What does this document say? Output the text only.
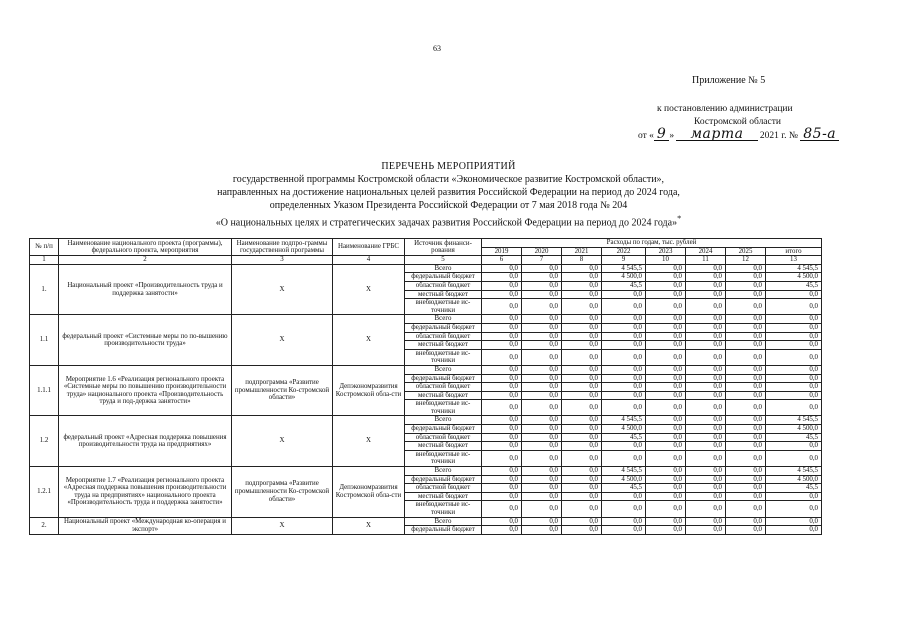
63
Приложение № 5
к постановлению администрации
Костромской области
от « 9 » марта 2021 г. № 85-а
ПЕРЕЧЕНЬ МЕРОПРИЯТИЙ
государственной программы Костромской области «Экономическое развитие Костромской области»,
направленных на достижение национальных целей развития Российской Федерации на период до 2024 года,
определенных Указом Президента Российской Федерации от 7 мая 2018 года № 204
«О национальных целях и стратегических задачах развития Российской Федерации на период до 2024 года»*
№ п/п	Наименование национального проекта (программы), федерального проекта, мероприятия	Наименование подпро-граммы государственной программы	Наименование ГРБС	Источник финанси-рования	Расходы по годам, тыс. рублей							
					2019	2020	2021	2022	2023	2024	2025	итого
1	2	3	4	5	6	7	8	9	10	11	12	13
1.	Национальный проект «Производительность труда и поддержка занятости»	Х	Х	Всего	0,0	0,0	0,0	4 545,5	0,0	0,0	0,0	4 545,5
				федеральный бюджет	0,0	0,0	0,0	4 500,0	0,0	0,0	0,0	4 500,0
				областной бюджет	0,0	0,0	0,0	45,5	0,0	0,0	0,0	45,5
				местный бюджет	0,0	0,0	0,0	0,0	0,0	0,0	0,0	0,0
				внебюджетные ис-точники	0,0	0,0	0,0	0,0	0,0	0,0	0,0	0,0
1.1	федеральный проект «Системные меры по по-вышению производительности труда»	Х	Х	Всего	0,0	0,0	0,0	0,0	0,0	0,0	0,0	0,0
				федеральный бюджет	0,0	0,0	0,0	0,0	0,0	0,0	0,0	0,0
				областной бюджет	0,0	0,0	0,0	0,0	0,0	0,0	0,0	0,0
				местный бюджет	0,0	0,0	0,0	0,0	0,0	0,0	0,0	0,0
				внебюджетные ис-точники	0,0	0,0	0,0	0,0	0,0	0,0	0,0	0,0
1.1.1	Мероприятие 1.6 «Реализация регионального проекта «Системные меры по повышению производительности труда» национального проекта «Производительность труда и под-держка занятости»	подпрограмма «Развитие промышленности Ко-стромской области»	Депэкономразвития Костромской обла-сти	Всего	0,0	0,0	0,0	0,0	0,0	0,0	0,0	0,0
				федеральный бюджет	0,0	0,0	0,0	0,0	0,0	0,0	0,0	0,0
				областной бюджет	0,0	0,0	0,0	0,0	0,0	0,0	0,0	0,0
				местный бюджет	0,0	0,0	0,0	0,0	0,0	0,0	0,0	0,0
				внебюджетные ис-точники	0,0	0,0	0,0	0,0	0,0	0,0	0,0	0,0
1.2	федеральный проект «Адресная поддержка повышения производительности труда на предприятиях»	Х	Х	Всего	0,0	0,0	0,0	4 545,5	0,0	0,0	0,0	4 545,5
				федеральный бюджет	0,0	0,0	0,0	4 500,0	0,0	0,0	0,0	4 500,0
				областной бюджет	0,0	0,0	0,0	45,5	0,0	0,0	0,0	45,5
				местный бюджет	0,0	0,0	0,0	0,0	0,0	0,0	0,0	0,0
				внебюджетные ис-точники	0,0	0,0	0,0	0,0	0,0	0,0	0,0	0,0
1.2.1	Мероприятие 1.7 «Реализация регионального проекта «Адресная поддержка повышения производительности труда на предприятиях» национального проекта «Производительность труда и поддержка занятости»	подпрограмма «Развитие промышленности Ко-стромской области»	Депэкономразвития Костромской обла-сти	Всего	0,0	0,0	0,0	4 545,5	0,0	0,0	0,0	4 545,5
				федеральный бюджет	0,0	0,0	0,0	4 500,0	0,0	0,0	0,0	4 500,0
				областной бюджет	0,0	0,0	0,0	45,5	0,0	0,0	0,0	45,5
				местный бюджет	0,0	0,0	0,0	0,0	0,0	0,0	0,0	0,0
				внебюджетные ис-точники	0,0	0,0	0,0	0,0	0,0	0,0	0,0	0,0
2.	Национальный проект «Международная ко-операция и экспорт»	Х	Х	Всего	0,0	0,0	0,0	0,0	0,0	0,0	0,0	0,0
				федеральный бюджет	0,0	0,0	0,0	0,0	0,0	0,0	0,0	0,0
